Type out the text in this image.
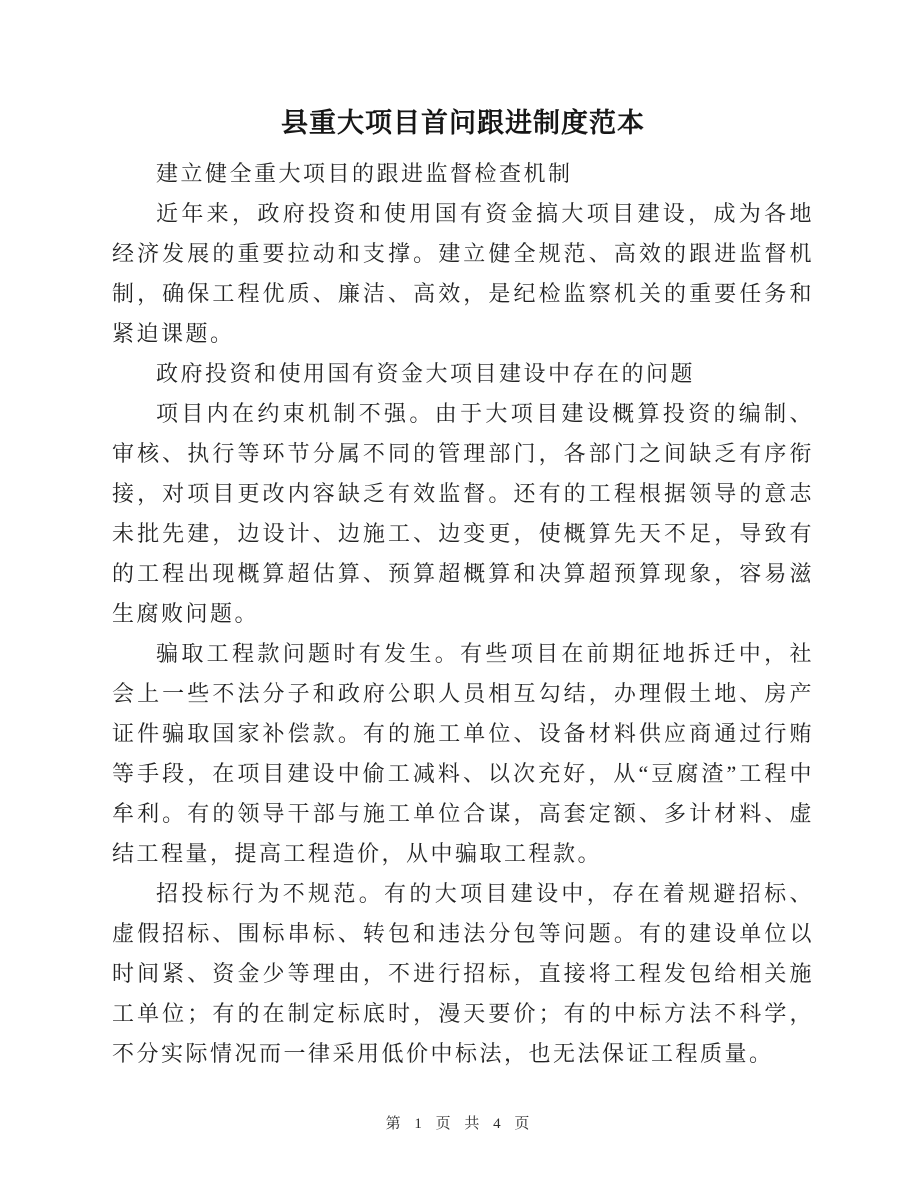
县重大项目首问跟进制度范本

建立健全重大项目的跟进监督检查机制

近年来，政府投资和使用国有资金搞大项目建设，成为各地经济发展的重要拉动和支撑。建立健全规范、高效的跟进监督机制，确保工程优质、廉洁、高效，是纪检监察机关的重要任务和紧迫课题。

政府投资和使用国有资金大项目建设中存在的问题

项目内在约束机制不强。由于大项目建设概算投资的编制、审核、执行等环节分属不同的管理部门，各部门之间缺乏有序衔接，对项目更改内容缺乏有效监督。还有的工程根据领导的意志未批先建，边设计、边施工、边变更，使概算先天不足，导致有的工程出现概算超估算、预算超概算和决算超预算现象，容易滋生腐败问题。

骗取工程款问题时有发生。有些项目在前期征地拆迁中，社会上一些不法分子和政府公职人员相互勾结，办理假土地、房产证件骗取国家补偿款。有的施工单位、设备材料供应商通过行贿等手段，在项目建设中偷工减料、以次充好，从“豆腐渣”工程中牟利。有的领导干部与施工单位合谋，高套定额、多计材料、虚结工程量，提高工程造价，从中骗取工程款。

招投标行为不规范。有的大项目建设中，存在着规避招标、虚假招标、围标串标、转包和违法分包等问题。有的建设单位以时间紧、资金少等理由，不进行招标，直接将工程发包给相关施工单位；有的在制定标底时，漫天要价；有的中标方法不科学，不分实际情况而一律采用低价中标法，也无法保证工程质量。

第 1 页 共 4 页
